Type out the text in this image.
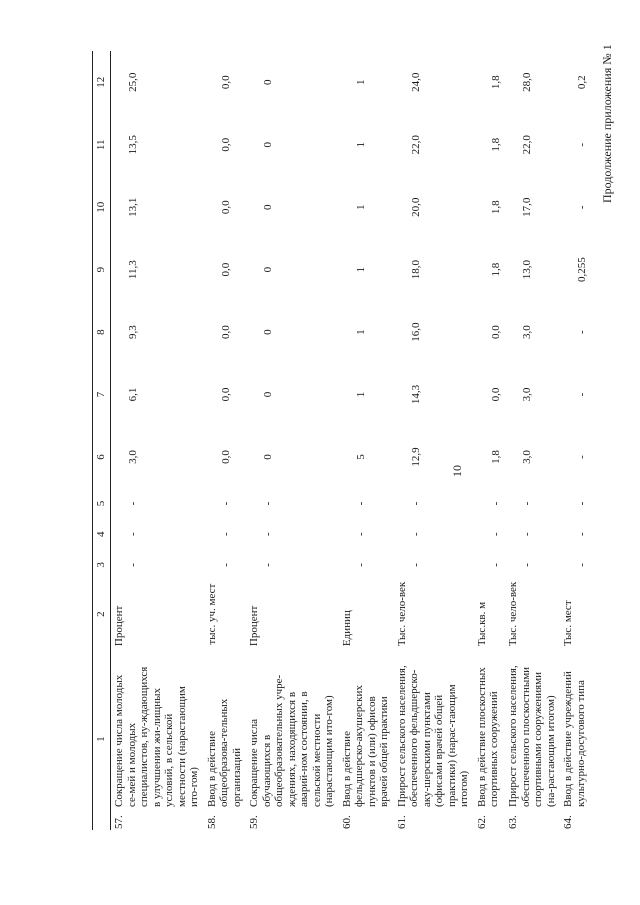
10
Продолжение приложения № 1
1	2	3	4	5	6	7	8	9	10	11	12
57.Сокращение числа молодых се-мей и молодых специалистов, ну-ждающихся в улучшении жи-лищных условий, в сельской местности (нарастающим ито-гом)	Процент	-	-	-	3,0	6,1	9,3	11,3	13,1	13,5	25,0
58.Ввод в действие общеобразова-тельных организаций	тыс. уч. мест	-	-	-	0,0	0,0	0,0	0,0	0,0	0,0	0,0
59.Сокращение числа обучающихся в общеобразовательных учре-ждениях, находящихся в аварий-ном состоянии, в сельской местности (нарастающим ито-гом)	Процент	-	-	-	0	0	0	0	0	0	0
60.Ввод в действие фельдшерско-акушерских пунктов и (или) офисов врачей общей практики	Единиц	-	-	-	5	1	1	1	1	1	1
61.Прирост сельского населения, обеспеченного фельдшерско-аку-шерскими пунктами (офисами врачей общей практики) (нарас-тающим итогом)	Тыс. чело-век	-	-	-	12,9	14,3	16,0	18,0	20,0	22,0	24,0
62.Ввод в действие плоскостных спортивных сооружений	Тыс.кв. м	-	-	-	1,8	0,0	0,0	1,8	1,8	1,8	1,8
63.Прирост сельского населения, обеспеченного плоскостными спортивными сооружениями (на-растающим итогом)	Тыс. чело-век	-	-	-	3,0	3,0	3,0	13,0	17,0	22,0	28,0
64.Ввод в действие учреждений культурно-досугового типа	Тыс. мест	-	-	-	-	-	-	0,255	-	-	0,2
